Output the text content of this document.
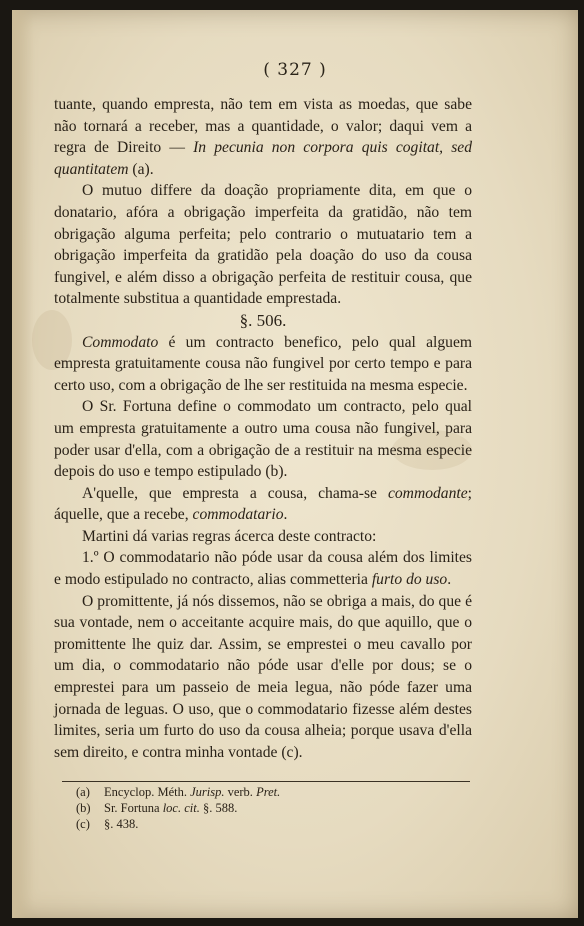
( 327 )

tuante, quando empresta, não tem em vista as moedas, que sabe não tornará a receber, mas a quantidade, o valor; daqui vem a regra de Direito — In pecunia non corpora quis cogitat, sed quantitatem (a).

O mutuo differe da doação propriamente dita, em que o donatario, afóra a obrigação imperfeita da gratidão, não tem obrigação alguma perfeita; pelo contrario o mutuatario tem a obrigação imperfeita da gratidão pela doação do uso da cousa fungivel, e além disso a obrigação perfeita de restituir cousa, que totalmente substitua a quantidade emprestada.

§. 506.

Commodato é um contracto benefico, pelo qual alguem empresta gratuitamente cousa não fungivel por certo tempo e para certo uso, com a obrigação de lhe ser restituida na mesma especie.

O Sr. Fortuna define o commodato um contracto, pelo qual um empresta gratuitamente a outro uma cousa não fungivel, para poder usar d'ella, com a obrigação de a restituir na mesma especie depois do uso e tempo estipulado (b).

A'quelle, que empresta a cousa, chama-se commodante; áquelle, que a recebe, commodatario.

Martini dá varias regras ácerca deste contracto:

1.º O commodatario não póde usar da cousa além dos limites e modo estipulado no contracto, alias commetteria furto do uso.

O promittente, já nós dissemos, não se obriga a mais, do que é sua vontade, nem o acceitante acquire mais, do que aquillo, que o promittente lhe quiz dar. Assim, se emprestei o meu cavallo por um dia, o commodatario não póde usar d'elle por dous; se o emprestei para um passeio de meia legua, não póde fazer uma jornada de leguas. O uso, que o commodatario fizesse além destes limites, seria um furto do uso da cousa alheia; porque usava d'ella sem direito, e contra minha vontade (c).

(a) Encyclop. Méth. Jurisp. verb. Pret.
(b) Sr. Fortuna loc. cit. §. 588.
(c) §. 438.
